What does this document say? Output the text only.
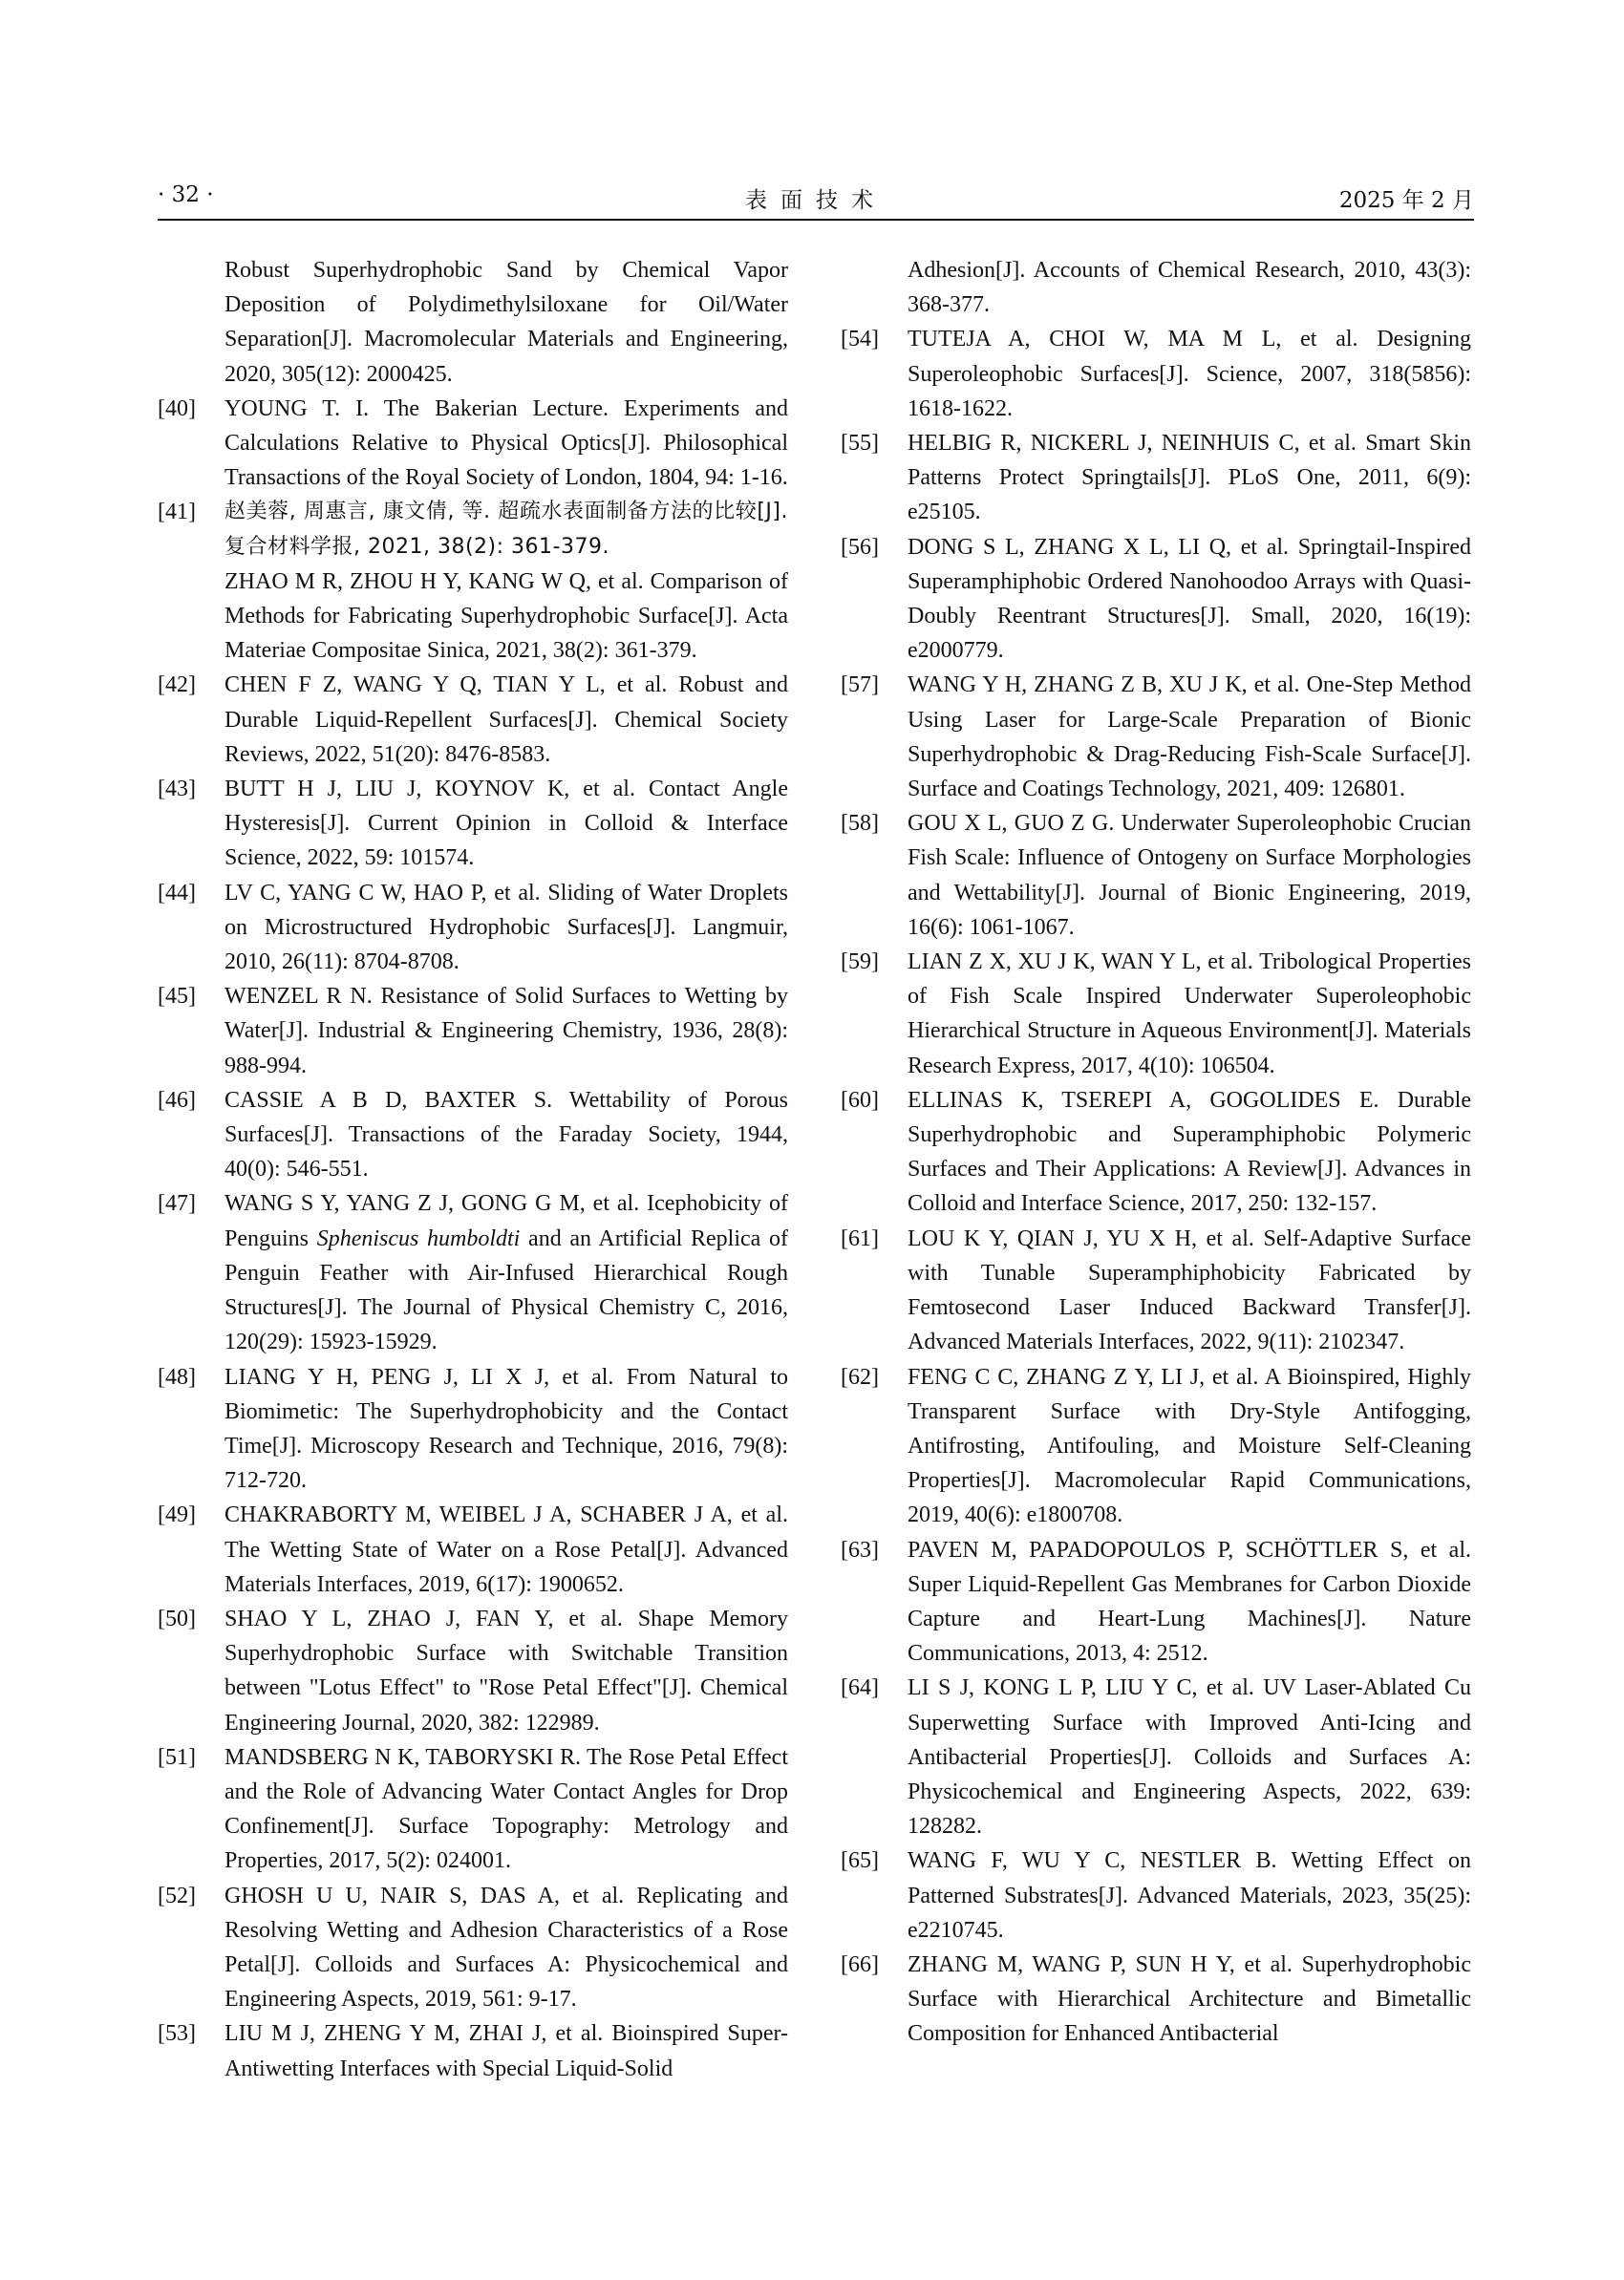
· 32 ·	表面技术	2025 年 2 月
Robust Superhydrophobic Sand by Chemical Vapor Deposition of Polydimethylsiloxane for Oil/Water Separation[J]. Macromolecular Materials and Engineering, 2020, 305(12): 2000425.
[40] YOUNG T. I. The Bakerian Lecture. Experiments and Calculations Relative to Physical Optics[J]. Philosophical Transactions of the Royal Society of London, 1804, 94: 1-16.
[41] 赵美蓉, 周惠言, 康文倩, 等. 超疏水表面制备方法的比较[J]. 复合材料学报, 2021, 38(2): 361-379.
ZHAO M R, ZHOU H Y, KANG W Q, et al. Comparison of Methods for Fabricating Superhydrophobic Surface[J]. Acta Materiae Compositae Sinica, 2021, 38(2): 361-379.
[42] CHEN F Z, WANG Y Q, TIAN Y L, et al. Robust and Durable Liquid-Repellent Surfaces[J]. Chemical Society Reviews, 2022, 51(20): 8476-8583.
[43] BUTT H J, LIU J, KOYNOV K, et al. Contact Angle Hysteresis[J]. Current Opinion in Colloid & Interface Science, 2022, 59: 101574.
[44] LV C, YANG C W, HAO P, et al. Sliding of Water Droplets on Microstructured Hydrophobic Surfaces[J]. Langmuir, 2010, 26(11): 8704-8708.
[45] WENZEL R N. Resistance of Solid Surfaces to Wetting by Water[J]. Industrial & Engineering Chemistry, 1936, 28(8): 988-994.
[46] CASSIE A B D, BAXTER S. Wettability of Porous Surfaces[J]. Transactions of the Faraday Society, 1944, 40(0): 546-551.
[47] WANG S Y, YANG Z J, GONG G M, et al. Icephobicity of Penguins Spheniscus humboldti and an Artificial Replica of Penguin Feather with Air-Infused Hierarchical Rough Structures[J]. The Journal of Physical Chemistry C, 2016, 120(29): 15923-15929.
[48] LIANG Y H, PENG J, LI X J, et al. From Natural to Biomimetic: The Superhydrophobicity and the Contact Time[J]. Microscopy Research and Technique, 2016, 79(8): 712-720.
[49] CHAKRABORTY M, WEIBEL J A, SCHABER J A, et al. The Wetting State of Water on a Rose Petal[J]. Advanced Materials Interfaces, 2019, 6(17): 1900652.
[50] SHAO Y L, ZHAO J, FAN Y, et al. Shape Memory Superhydrophobic Surface with Switchable Transition between "Lotus Effect" to "Rose Petal Effect"[J]. Chemical Engineering Journal, 2020, 382: 122989.
[51] MANDSBERG N K, TABORYSKI R. The Rose Petal Effect and the Role of Advancing Water Contact Angles for Drop Confinement[J]. Surface Topography: Metrology and Properties, 2017, 5(2): 024001.
[52] GHOSH U U, NAIR S, DAS A, et al. Replicating and Resolving Wetting and Adhesion Characteristics of a Rose Petal[J]. Colloids and Surfaces A: Physicochemical and Engineering Aspects, 2019, 561: 9-17.
[53] LIU M J, ZHENG Y M, ZHAI J, et al. Bioinspired Super-Antiwetting Interfaces with Special Liquid-Solid
Adhesion[J]. Accounts of Chemical Research, 2010, 43(3): 368-377.
[54] TUTEJA A, CHOI W, MA M L, et al. Designing Superoleophobic Surfaces[J]. Science, 2007, 318(5856): 1618-1622.
[55] HELBIG R, NICKERL J, NEINHUIS C, et al. Smart Skin Patterns Protect Springtails[J]. PLoS One, 2011, 6(9): e25105.
[56] DONG S L, ZHANG X L, LI Q, et al. Springtail-Inspired Superamphiphobic Ordered Nanohoodoo Arrays with Quasi-Doubly Reentrant Structures[J]. Small, 2020, 16(19): e2000779.
[57] WANG Y H, ZHANG Z B, XU J K, et al. One-Step Method Using Laser for Large-Scale Preparation of Bionic Superhydrophobic & Drag-Reducing Fish-Scale Surface[J]. Surface and Coatings Technology, 2021, 409: 126801.
[58] GOU X L, GUO Z G. Underwater Superoleophobic Crucian Fish Scale: Influence of Ontogeny on Surface Morphologies and Wettability[J]. Journal of Bionic Engineering, 2019, 16(6): 1061-1067.
[59] LIAN Z X, XU J K, WAN Y L, et al. Tribological Properties of Fish Scale Inspired Underwater Superoleophobic Hierarchical Structure in Aqueous Environment[J]. Materials Research Express, 2017, 4(10): 106504.
[60] ELLINAS K, TSEREPI A, GOGOLIDES E. Durable Superhydrophobic and Superamphiphobic Polymeric Surfaces and Their Applications: A Review[J]. Advances in Colloid and Interface Science, 2017, 250: 132-157.
[61] LOU K Y, QIAN J, YU X H, et al. Self-Adaptive Surface with Tunable Superamphiphobicity Fabricated by Femtosecond Laser Induced Backward Transfer[J]. Advanced Materials Interfaces, 2022, 9(11): 2102347.
[62] FENG C C, ZHANG Z Y, LI J, et al. A Bioinspired, Highly Transparent Surface with Dry-Style Antifogging, Antifrosting, Antifouling, and Moisture Self-Cleaning Properties[J]. Macromolecular Rapid Communications, 2019, 40(6): e1800708.
[63] PAVEN M, PAPADOPOULOS P, SCHÖTTLER S, et al. Super Liquid-Repellent Gas Membranes for Carbon Dioxide Capture and Heart-Lung Machines[J]. Nature Communications, 2013, 4: 2512.
[64] LI S J, KONG L P, LIU Y C, et al. UV Laser-Ablated Cu Superwetting Surface with Improved Anti-Icing and Antibacterial Properties[J]. Colloids and Surfaces A: Physicochemical and Engineering Aspects, 2022, 639: 128282.
[65] WANG F, WU Y C, NESTLER B. Wetting Effect on Patterned Substrates[J]. Advanced Materials, 2023, 35(25): e2210745.
[66] ZHANG M, WANG P, SUN H Y, et al. Superhydrophobic Surface with Hierarchical Architecture and Bimetallic Composition for Enhanced Antibacterial
